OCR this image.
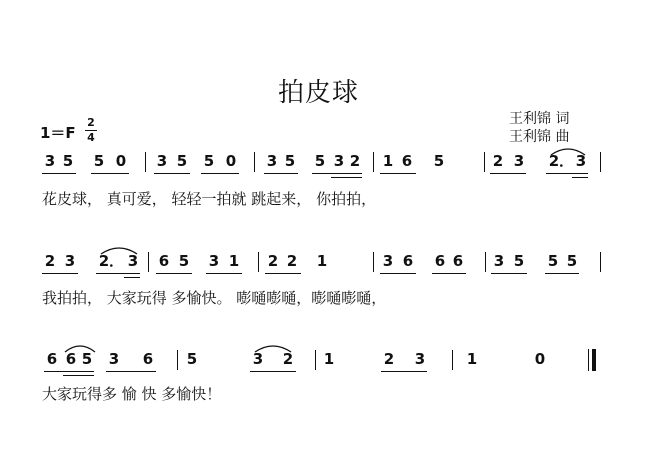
拍皮球
王利锦 词
王利锦 曲
1＝F
2
4
3 5 5 0 3 5 5 0 3 5 5 3 2 1 6 5	2 3 2 ． 3
花皮球， 真可爱， 轻轻一拍就 跳起来， 你拍拍，
2 3 2 ． 3 6 5 3 1 2 2 1	3 6 6 6 3 5 5 5
我拍拍， 大家玩得 多愉快。 嘭嗵嘭嗵，嘭嗵嘭嗵，
6 6 5 3 6 5	3 2 1	2 3	1	0
大家玩得多 愉 快 多愉快！
